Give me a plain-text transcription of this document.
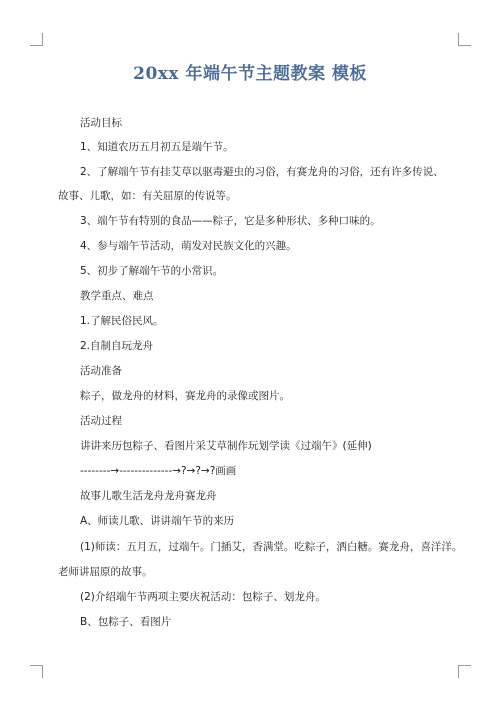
20xx 年端午节主题教案 模板
活动目标
1、知道农历五月初五是端午节。
2、了解端午节有挂艾草以驱毒避虫的习俗，有赛龙舟的习俗，还有许多传说、
故事、儿歌，如：有关屈原的传说等。
3、端午节有特别的食品——粽子，它是多种形状、多种口味的。
4、参与端午节活动，萌发对民族文化的兴趣。
5、初步了解端午节的小常识。
教学重点、难点
1.了解民俗民风。
2.自制自玩龙舟
活动准备
粽子，做龙舟的材料，赛龙舟的录像或图片。
活动过程
讲讲来历包粽子、看图片采艾草制作玩划学读《过端午》(延伸)
--------→--------------→?→?→?画画
故事儿歌生活龙舟龙舟赛龙舟
A、师读儿歌、讲讲端午节的来历
(1)师读：五月五，过端午。门插艾，香满堂。吃粽子，洒白糖。赛龙舟，喜洋洋。
老师讲屈原的故事。
(2)介绍端午节两项主要庆祝活动：包粽子、划龙舟。
B、包粽子、看图片
